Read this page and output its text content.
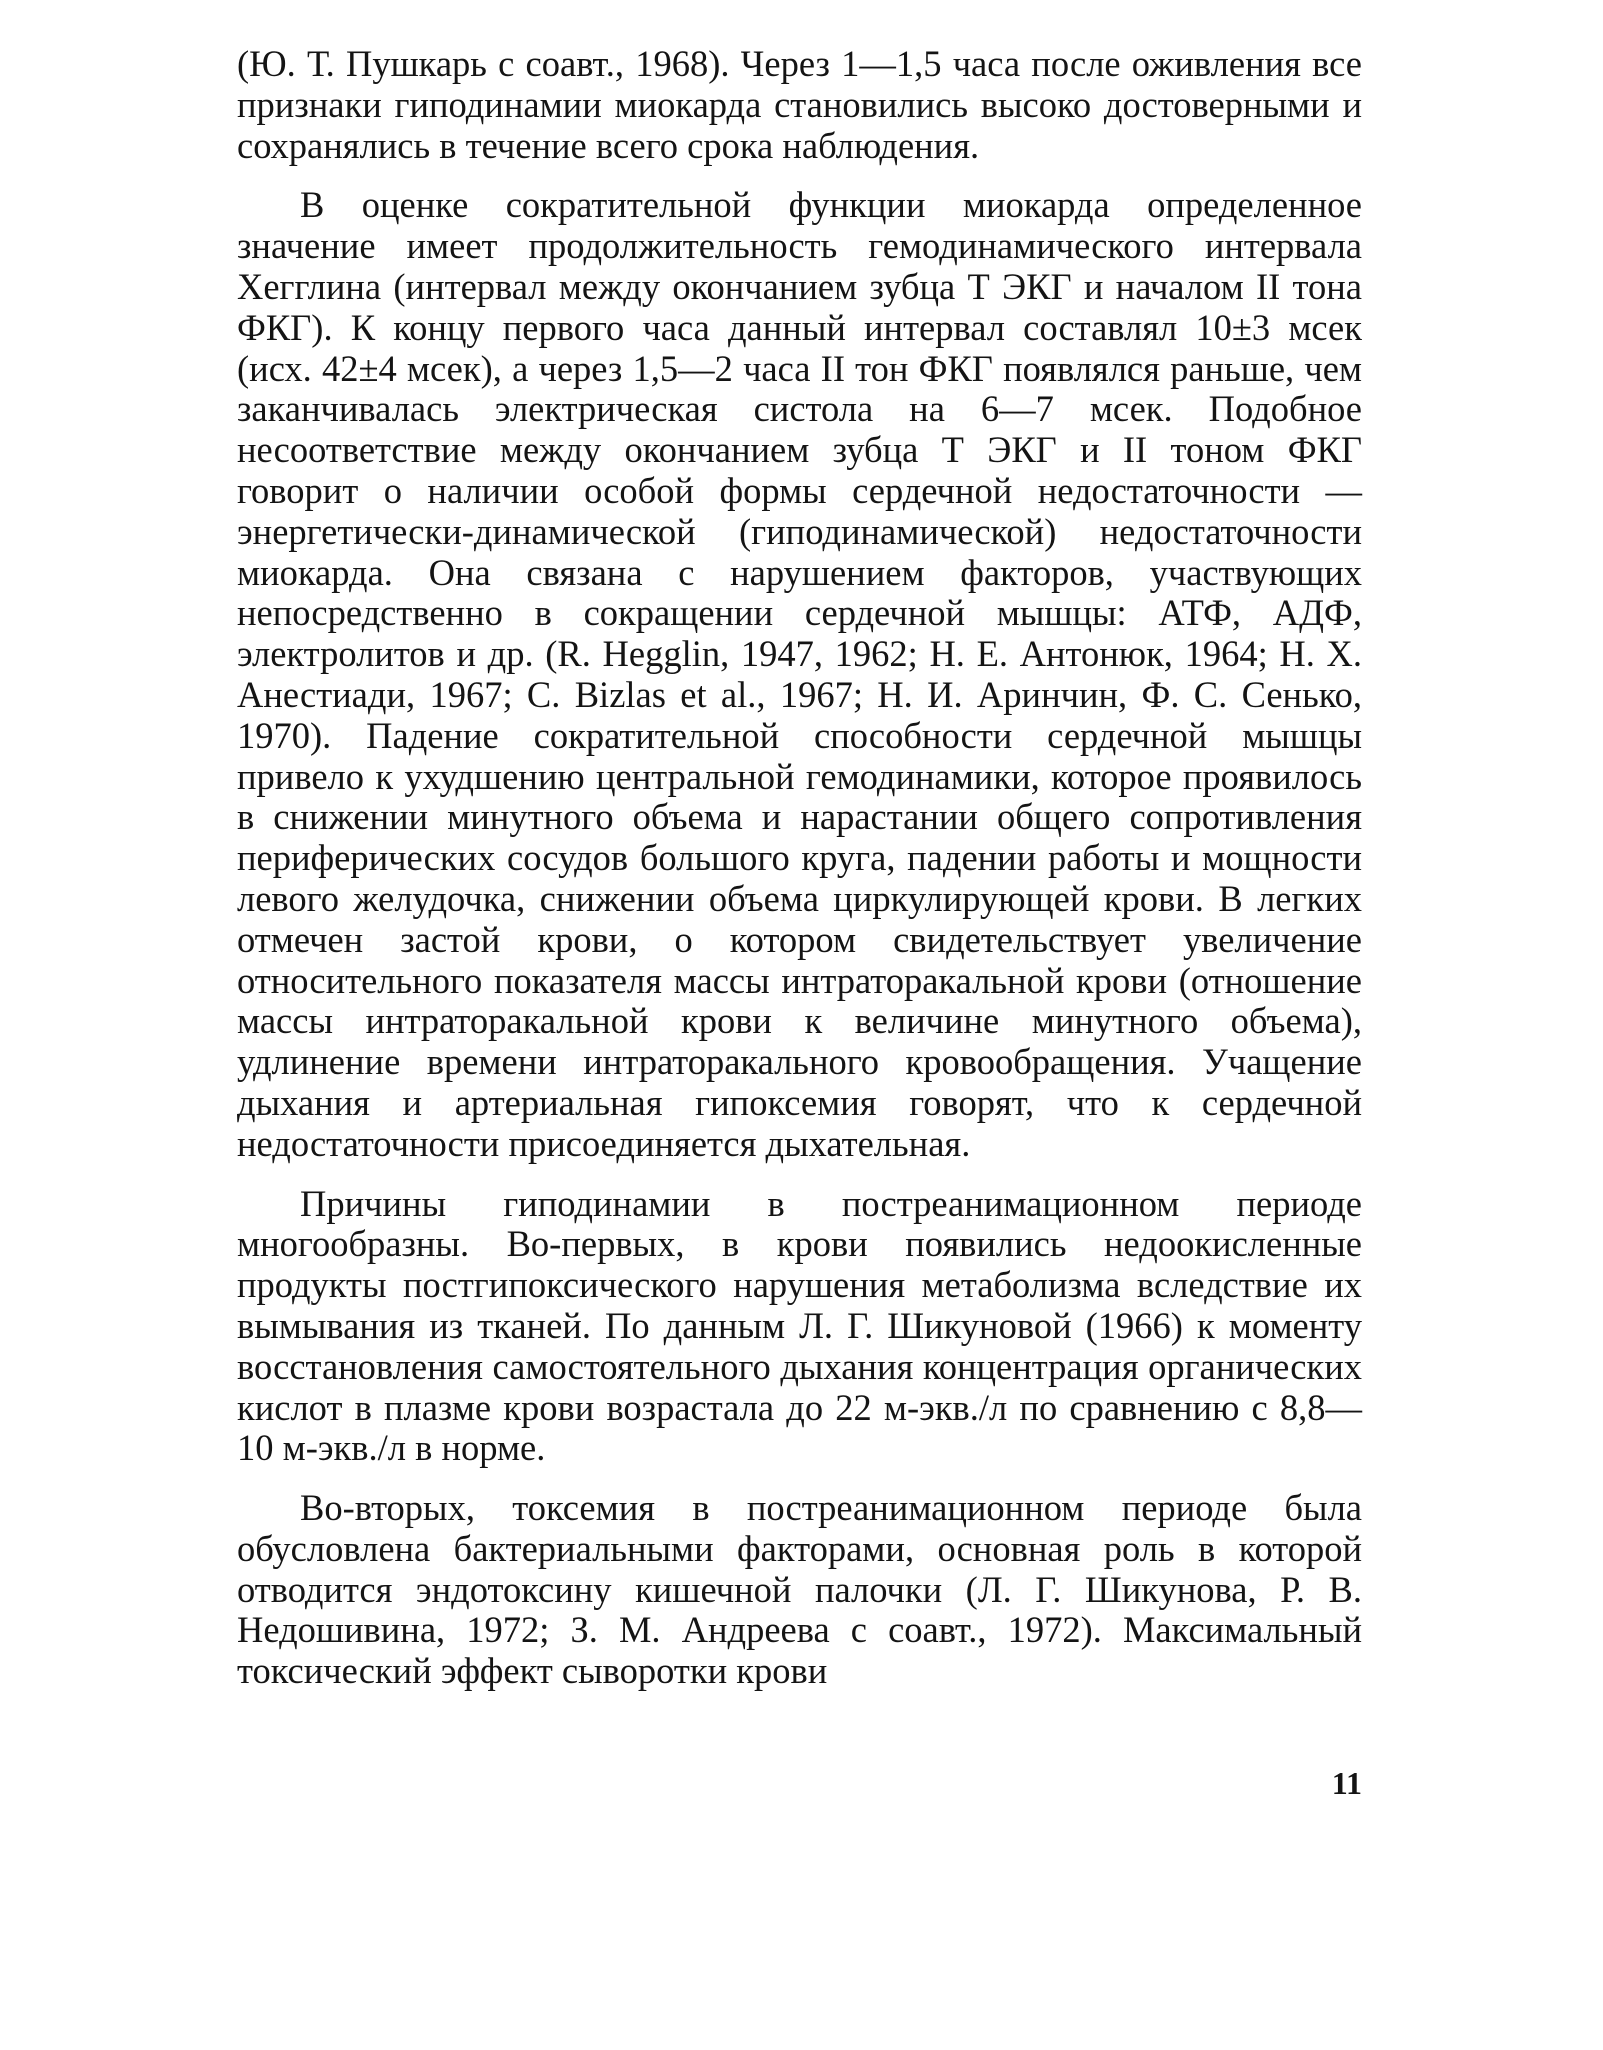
(Ю. Т. Пушкарь с соавт., 1968). Через 1—1,5 часа после оживления все признаки гиподинамии миокарда становились высоко достоверными и сохранялись в течение всего срока наблюдения.

В оценке сократительной функции миокарда определенное значение имеет продолжительность гемодинамического интервала Хегглина (интервал между окончанием зубца Т ЭКГ и началом II тона ФКГ). К концу первого часа данный интервал составлял 10±3 мсек (исх. 42±4 мсек), а через 1,5—2 часа II тон ФКГ появлялся раньше, чем заканчивалась электрическая систола на 6—7 мсек. Подобное несоответствие между окончанием зубца Т ЭКГ и II тоном ФКГ говорит о наличии особой формы сердечной недостаточности — энергетически-динамической (гиподинамической) недостаточности миокарда. Она связана с нарушением факторов, участвующих непосредственно в сокращении сердечной мышцы: АТФ, АДФ, электролитов и др. (R. Hegglin, 1947, 1962; Н. Е. Антонюк, 1964; Н. Х. Анестиади, 1967; С. Bizlas et al., 1967; Н. И. Аринчин, Ф. С. Сенько, 1970). Падение сократительной способности сердечной мышцы привело к ухудшению центральной гемодинамики, которое проявилось в снижении минутного объема и нарастании общего сопротивления периферических сосудов большого круга, падении работы и мощности левого желудочка, снижении объема циркулирующей крови. В легких отмечен застой крови, о котором свидетельствует увеличение относительного показателя массы интраторакальной крови (отношение массы интраторакальной крови к величине минутного объема), удлинение времени интраторакального кровообращения. Учащение дыхания и артериальная гипоксемия говорят, что к сердечной недостаточности присоединяется дыхательная.

Причины гиподинамии в постреанимационном периоде многообразны. Во-первых, в крови появились недоокисленные продукты постгипоксического нарушения метаболизма вследствие их вымывания из тканей. По данным Л. Г. Шикуновой (1966) к моменту восстановления самостоятельного дыхания концентрация органических кислот в плазме крови возрастала до 22 м-экв./л по сравнению с 8,8—10 м-экв./л в норме.

Во-вторых, токсемия в постреанимационном периоде была обусловлена бактериальными факторами, основная роль в которой отводится эндотоксину кишечной палочки (Л. Г. Шикунова, Р. В. Недошивина, 1972; З. М. Андреева с соавт., 1972). Максимальный токсический эффект сыворотки крови

11
